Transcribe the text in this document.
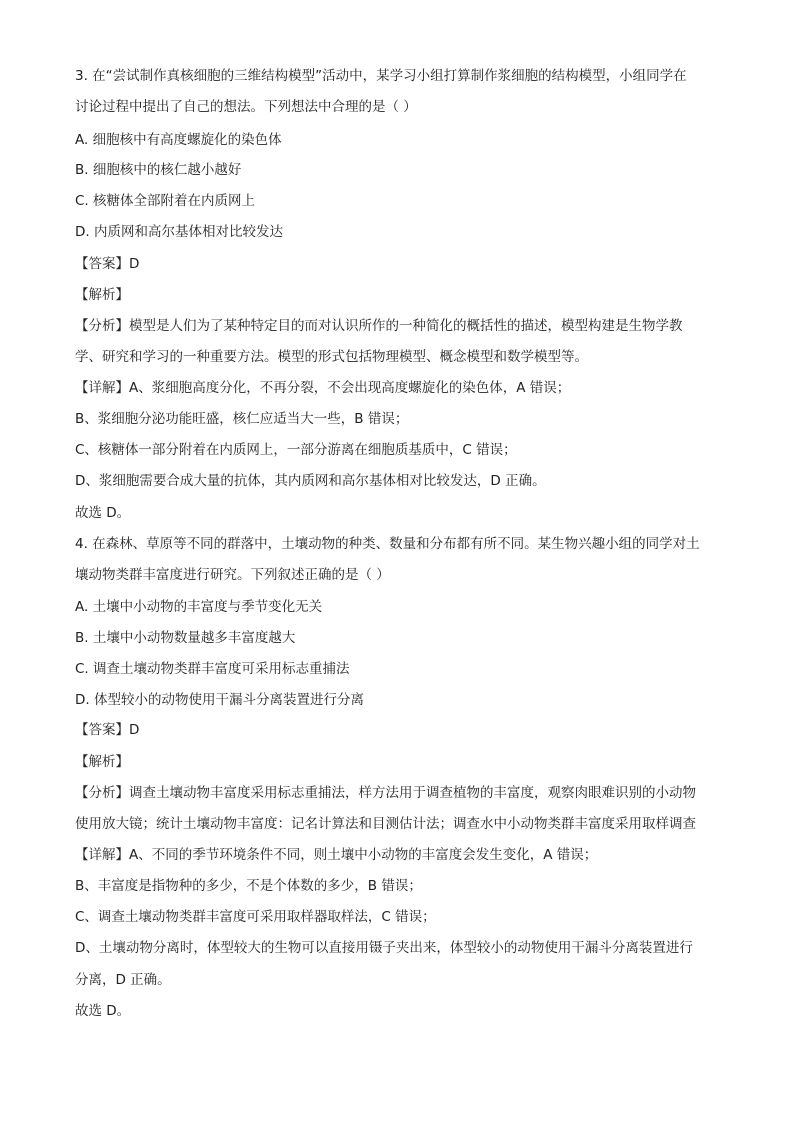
3. 在“尝试制作真核细胞的三维结构模型”活动中，某学习小组打算制作浆细胞的结构模型，小组同学在
讨论过程中提出了自己的想法。下列想法中合理的是（ ）
A. 细胞核中有高度螺旋化的染色体
B. 细胞核中的核仁越小越好
C. 核糖体全部附着在内质网上
D. 内质网和高尔基体相对比较发达
【答案】D
【解析】
【分析】模型是人们为了某种特定目的而对认识所作的一种简化的概括性的描述，模型构建是生物学教
学、研究和学习的一种重要方法。模型的形式包括物理模型、概念模型和数学模型等。
【详解】A、浆细胞高度分化，不再分裂，不会出现高度螺旋化的染色体，A 错误；
B、浆细胞分泌功能旺盛，核仁应适当大一些，B 错误；
C、核糖体一部分附着在内质网上，一部分游离在细胞质基质中，C 错误；
D、浆细胞需要合成大量的抗体，其内质网和高尔基体相对比较发达，D 正确。
故选 D。
4. 在森林、草原等不同的群落中，土壤动物的种类、数量和分布都有所不同。某生物兴趣小组的同学对土
壤动物类群丰富度进行研究。下列叙述正确的是（ ）
A. 土壤中小动物的丰富度与季节变化无关
B. 土壤中小动物数量越多丰富度越大
C. 调查土壤动物类群丰富度可采用标志重捕法
D. 体型较小的动物使用干漏斗分离装置进行分离
【答案】D
【解析】
【分析】调查土壤动物丰富度采用标志重捕法，样方法用于调查植物的丰富度，观察肉眼难识别的小动物
使用放大镜；统计土壤动物丰富度：记名计算法和目测估计法；调查水中小动物类群丰富度采用取样调查
【详解】A、不同的季节环境条件不同，则土壤中小动物的丰富度会发生变化，A 错误；
B、丰富度是指物种的多少，不是个体数的多少，B 错误；
C、调查土壤动物类群丰富度可采用取样器取样法，C 错误；
D、土壤动物分离时，体型较大的生物可以直接用镊子夹出来，体型较小的动物使用干漏斗分离装置进行
分离，D 正确。
故选 D。
